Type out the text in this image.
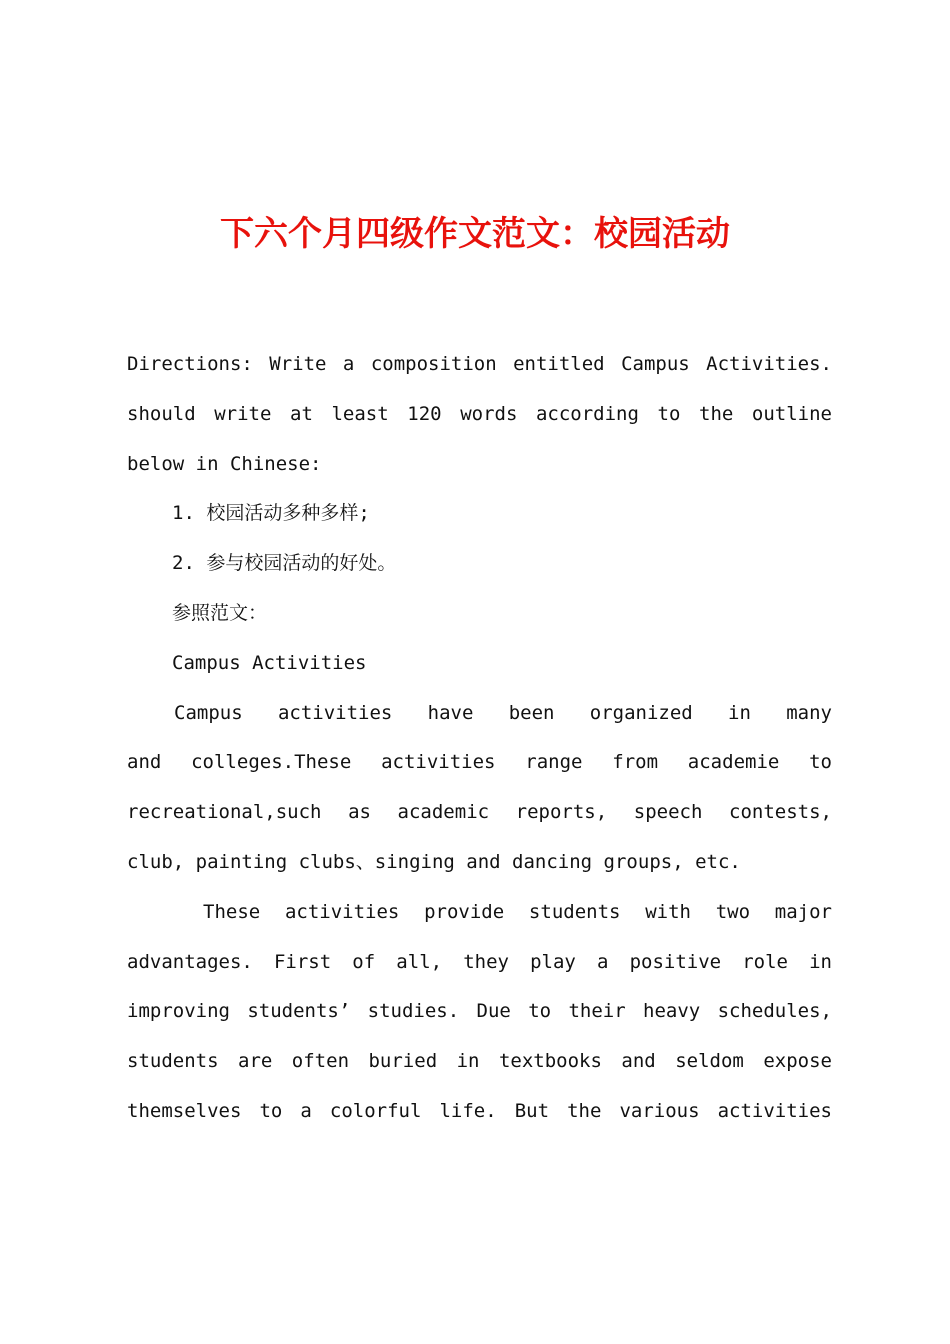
下六个月四级作文范文：校园活动
Directions: Write a composition entitled Campus Activities.
should write at least 120 words according to the outline
below in Chinese:
1. 校园活动多种多样;
2. 参与校园活动的好处。
参照范文：
Campus Activities
Campus activities have been organized in many
and colleges.These activities range from academie to
recreational,such as academic reports, speech contests,
club, painting clubs、singing and dancing groups, etc.
These activities provide students with two major
advantages. First of all, they play a positive role in
improving students’ studies. Due to their heavy schedules,
students are often buried in textbooks and seldom expose
themselves to a colorful life. But the various activities
